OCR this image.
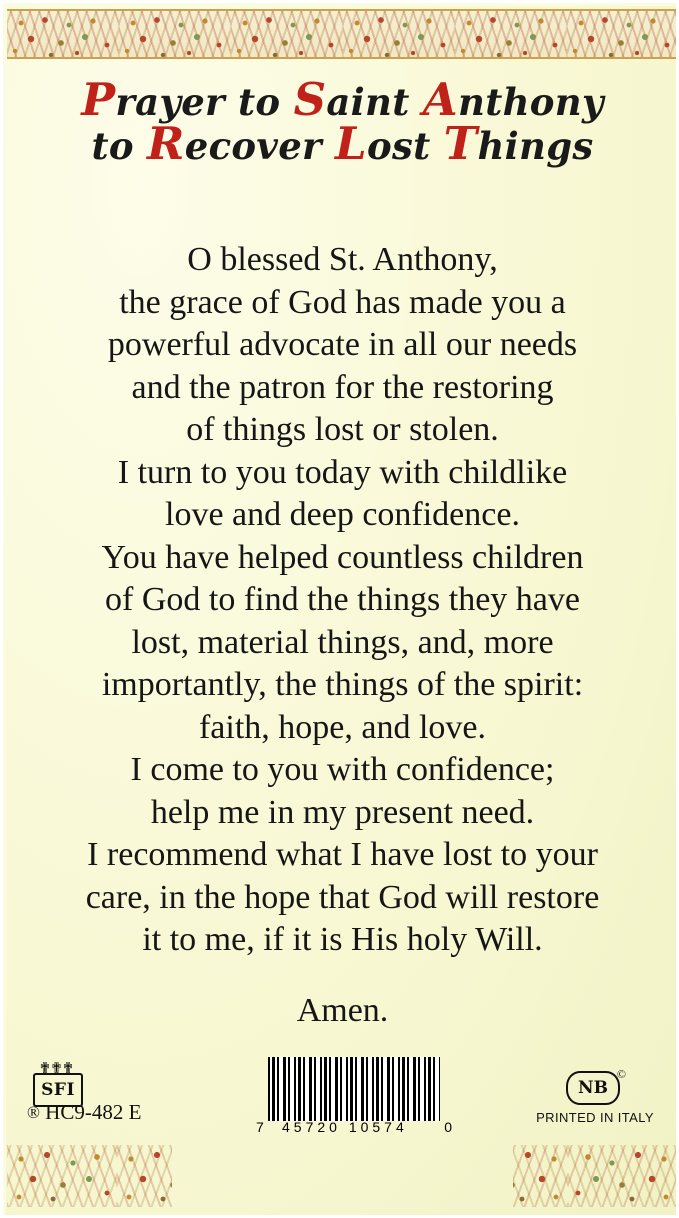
Prayer to Saint Anthony
to Recover Lost Things
O blessed St. Anthony,
the grace of God has made you a
powerful advocate in all our needs
and the patron for the restoring
of things lost or stolen.
I turn to you today with childlike
love and deep confidence.
You have helped countless children
of God to find the things they have
lost, material things, and, more
importantly, the things of the spirit:
faith, hope, and love.
I come to you with confidence;
help me in my present need.
I recommend what I have lost to your
care, in the hope that God will restore
it to me, if it is His holy Will.
Amen.
✟✟✟
SFI
® HC9-482 E
NB
©
PRINTED IN ITALY
7 45720 10574	0
